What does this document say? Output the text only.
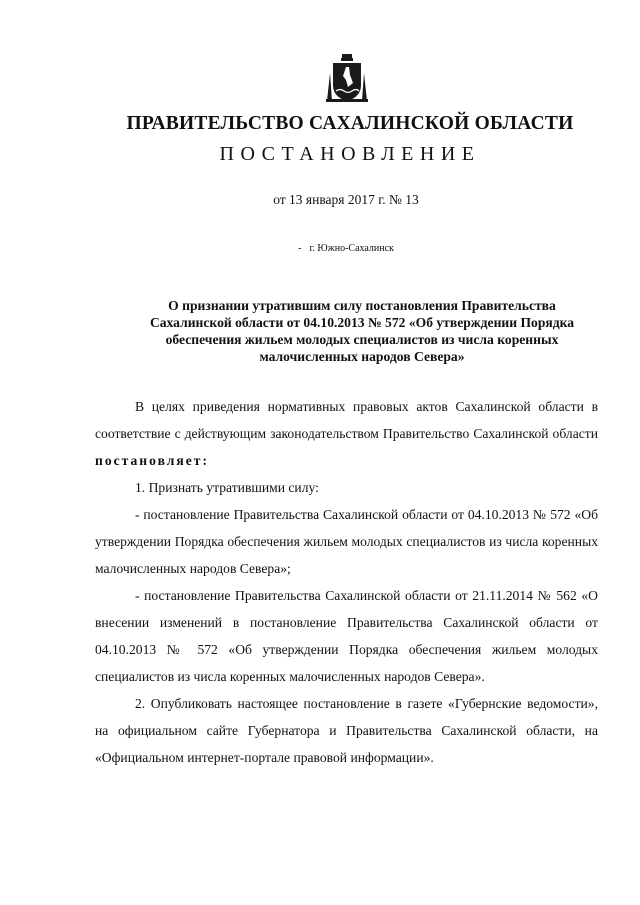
ПРАВИТЕЛЬСТВО САХАЛИНСКОЙ ОБЛАСТИ
ПОСТАНОВЛЕНИЕ
от 13 января 2017 г. № 13
- г. Южно-Сахалинск
О признании утратившим силу постановления Правительства
Сахалинской области от 04.10.2013 № 572 «Об утверждении Порядка
обеспечения жильем молодых специалистов из числа коренных
малочисленных народов Севера»

В целях приведения нормативных правовых актов Сахалинской области в соответствие с действующим законодательством Правительство Сахалинской области постановляет:

1. Признать утратившими силу:

- постановление Правительства Сахалинской области от 04.10.2013 № 572 «Об утверждении Порядка обеспечения жильем молодых специалистов из числа коренных малочисленных народов Севера»;

- постановление Правительства Сахалинской области от 21.11.2014 № 562 «О внесении изменений в постановление Правительства Сахалинской области от 04.10.2013 № 572 «Об утверждении Порядка обеспечения жильем молодых специалистов из числа коренных малочисленных народов Севера».

2. Опубликовать настоящее постановление в газете «Губернские ведомости», на официальном сайте Губернатора и Правительства Сахалинской области, на «Официальном интернет-портале правовой информации».
